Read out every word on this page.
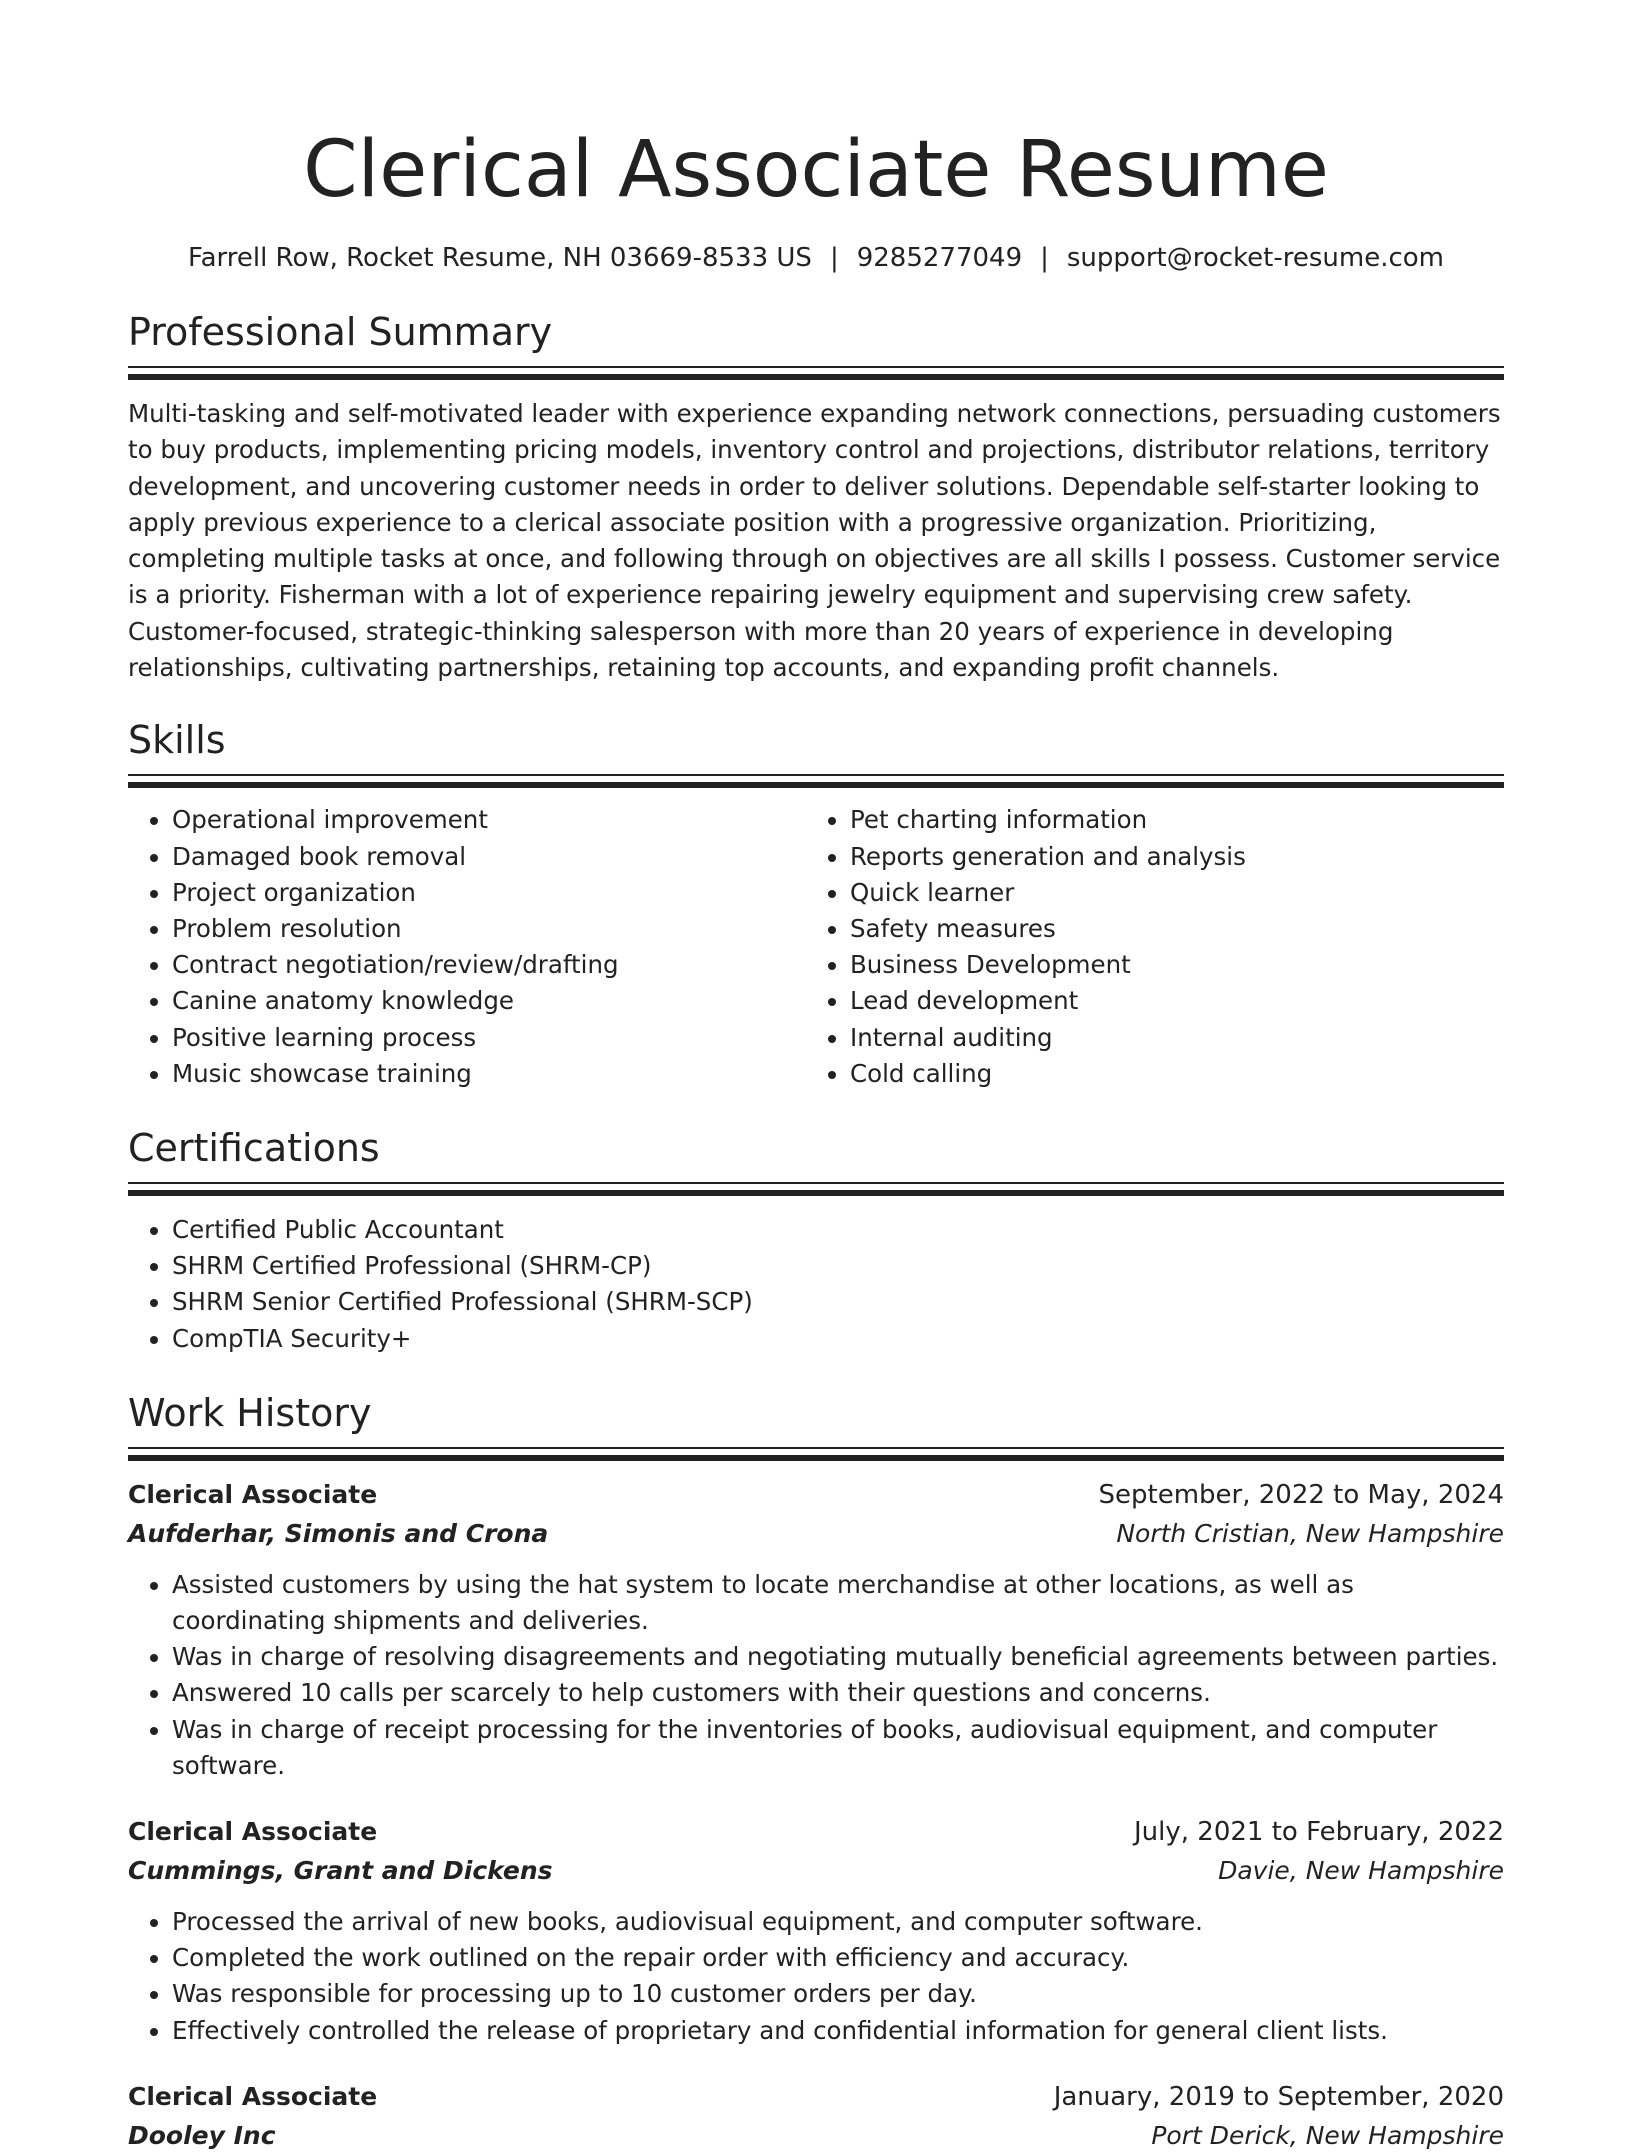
Clerical Associate Resume
Farrell Row, Rocket Resume, NH 03669-8533 US | 9285277049 | support@rocket-resume.com
Professional Summary

Multi-tasking and self-motivated leader with experience expanding network connections, persuading customers to buy products, implementing pricing models, inventory control and projections, distributor relations, territory development, and uncovering customer needs in order to deliver solutions. Dependable self-starter looking to apply previous experience to a clerical associate position with a progressive organization. Prioritizing, completing multiple tasks at once, and following through on objectives are all skills I possess. Customer service is a priority. Fisherman with a lot of experience repairing jewelry equipment and supervising crew safety. Customer-focused, strategic-thinking salesperson with more than 20 years of experience in developing relationships, cultivating partnerships, retaining top accounts, and expanding profit channels.

Skills
• Operational improvement
• Damaged book removal
• Project organization
• Problem resolution
• Contract negotiation/review/drafting
• Canine anatomy knowledge
• Positive learning process
• Music showcase training
• Pet charting information
• Reports generation and analysis
• Quick learner
• Safety measures
• Business Development
• Lead development
• Internal auditing
• Cold calling
Certifications
• Certified Public Accountant
• SHRM Certified Professional (SHRM-CP)
• SHRM Senior Certified Professional (SHRM-SCP)
• CompTIA Security+
Work History
Clerical Associate	September, 2022 to May, 2024
Aufderhar, Simonis and Crona	North Cristian, New Hampshire
• Assisted customers by using the hat system to locate merchandise at other locations, as well as coordinating shipments and deliveries.
• Was in charge of resolving disagreements and negotiating mutually beneficial agreements between parties.
• Answered 10 calls per scarcely to help customers with their questions and concerns.
• Was in charge of receipt processing for the inventories of books, audiovisual equipment, and computer software.
Clerical Associate	July, 2021 to February, 2022
Cummings, Grant and Dickens	Davie, New Hampshire
• Processed the arrival of new books, audiovisual equipment, and computer software.
• Completed the work outlined on the repair order with efficiency and accuracy.
• Was responsible for processing up to 10 customer orders per day.
• Effectively controlled the release of proprietary and confidential information for general client lists.
Clerical Associate	January, 2019 to September, 2020
Dooley Inc	Port Derick, New Hampshire
